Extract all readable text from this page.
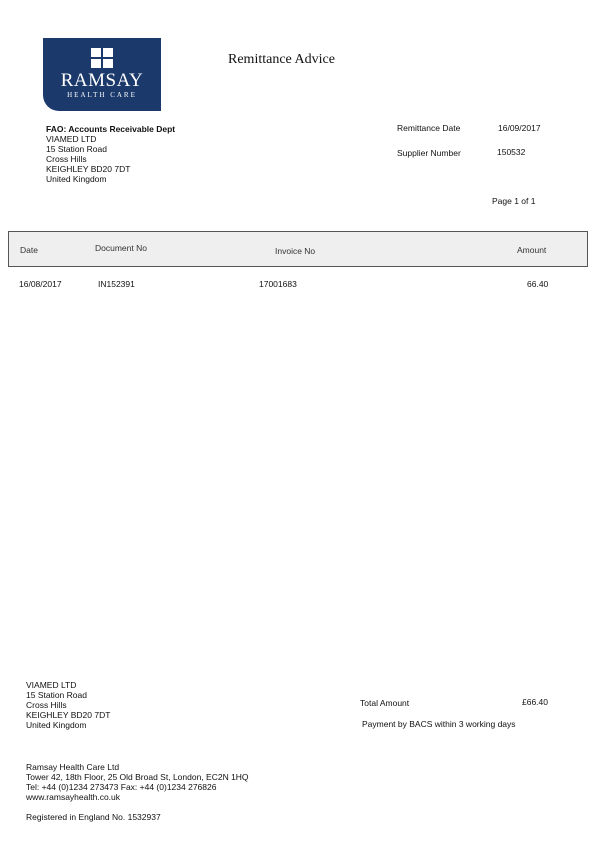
RAMSAY
HEALTH CARE
Remittance Advice
FAO: Accounts Receivable Dept
VIAMED LTD
15 Station Road
Cross Hills
KEIGHLEY BD20 7DT
United Kingdom
Remittance Date	16/09/2017
Supplier Number	150532
Page 1 of 1
Date	Document No	Invoice No	Amount
16/08/2017	IN152391	17001683	66.40
VIAMED LTD
15 Station Road
Cross Hills
KEIGHLEY BD20 7DT
United Kingdom
Total Amount	£66.40
Payment by BACS within 3 working days
Ramsay Health Care Ltd
Tower 42, 18th Floor, 25 Old Broad St, London, EC2N 1HQ
Tel: +44 (0)1234 273473 Fax: +44 (0)1234 276826
www.ramsayhealth.co.uk
Registered in England No. 1532937
